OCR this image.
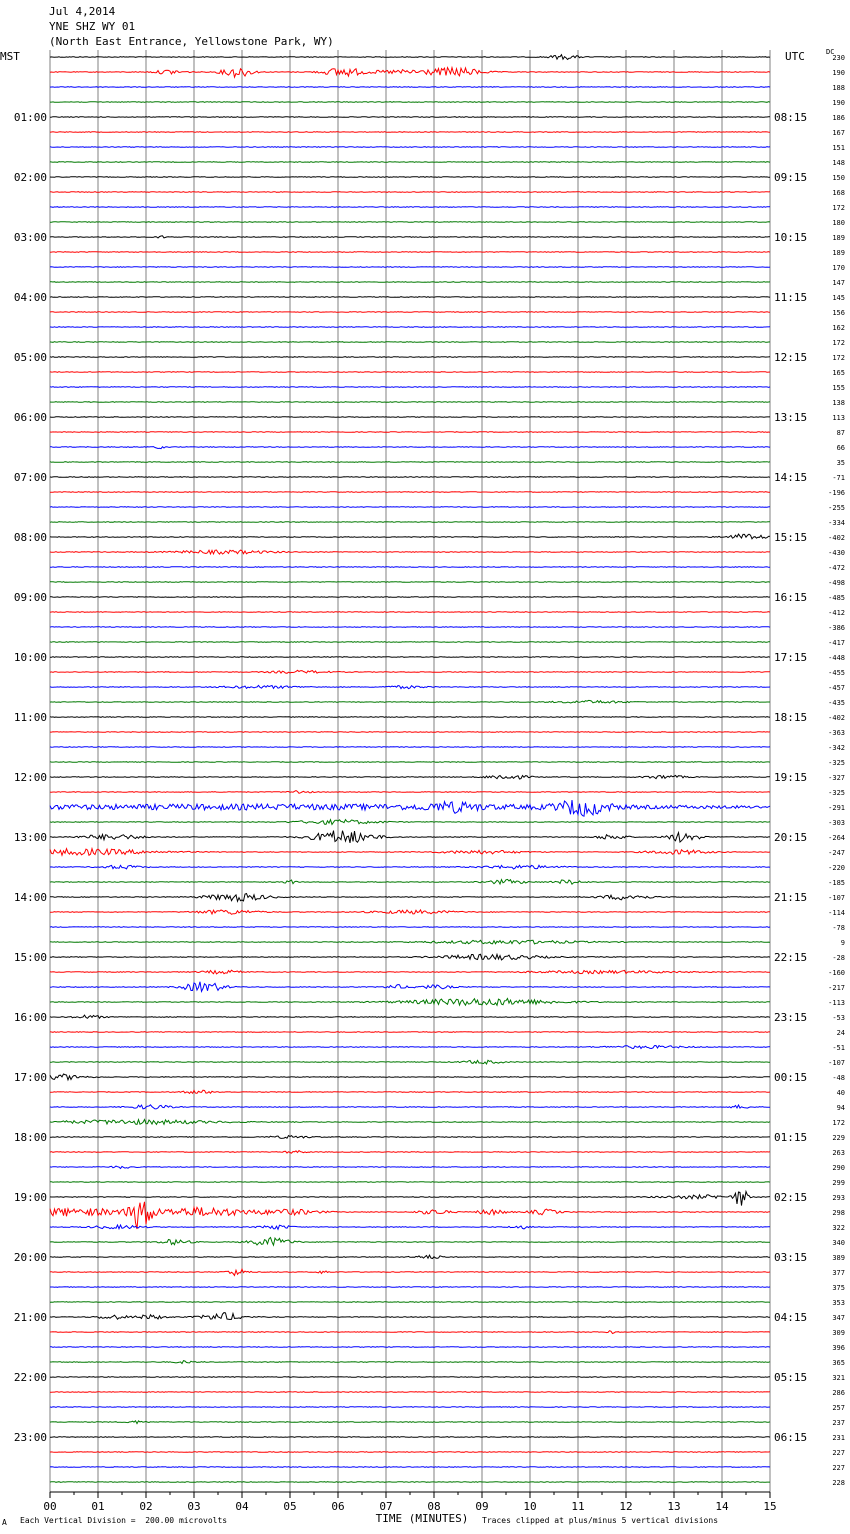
01:00
02:00
03:00
04:00
05:00
06:00
07:00
08:00
09:00
10:00
11:00
12:00
13:00
14:00
15:00
16:00
17:00
18:00
19:00
20:00
21:00
22:00
23:00
08:15
09:15
10:15
11:15
12:15
13:15
14:15
15:15
16:15
17:15
18:15
19:15
20:15
21:15
22:15
23:15
00:15
01:15
02:15
03:15
04:15
05:15
06:15
230
190
188
190
186
167
151
148
150
168
172
180
189
189
170
147
145
156
162
172
172
165
155
138
113
87
66
35
-71
-196
-255
-334
-402
-430
-472
-498
-485
-412
-386
-417
-448
-455
-457
-435
-402
-363
-342
-325
-327
-325
-291
-303
-264
-247
-220
-185
-107
-114
-78
9
-28
-160
-217
-113
-53
24
-51
-107
-48
40
94
172
229
263
290
299
293
298
322
340
389
377
375
353
347
309
396
365
321
286
257
237
231
227
227
228
00	01	02	03	04	05	06	07	08	09	10	11	12	13	14	15
TIME (MINUTES)
Jul 4,2014
YNE SHZ WY 01
(North East Entrance, Yellowstone Park, WY)
MST	UTC	DC
A Each Vertical Division =  200.00 microvolts	Traces clipped at plus/minus 5 vertical divisions
